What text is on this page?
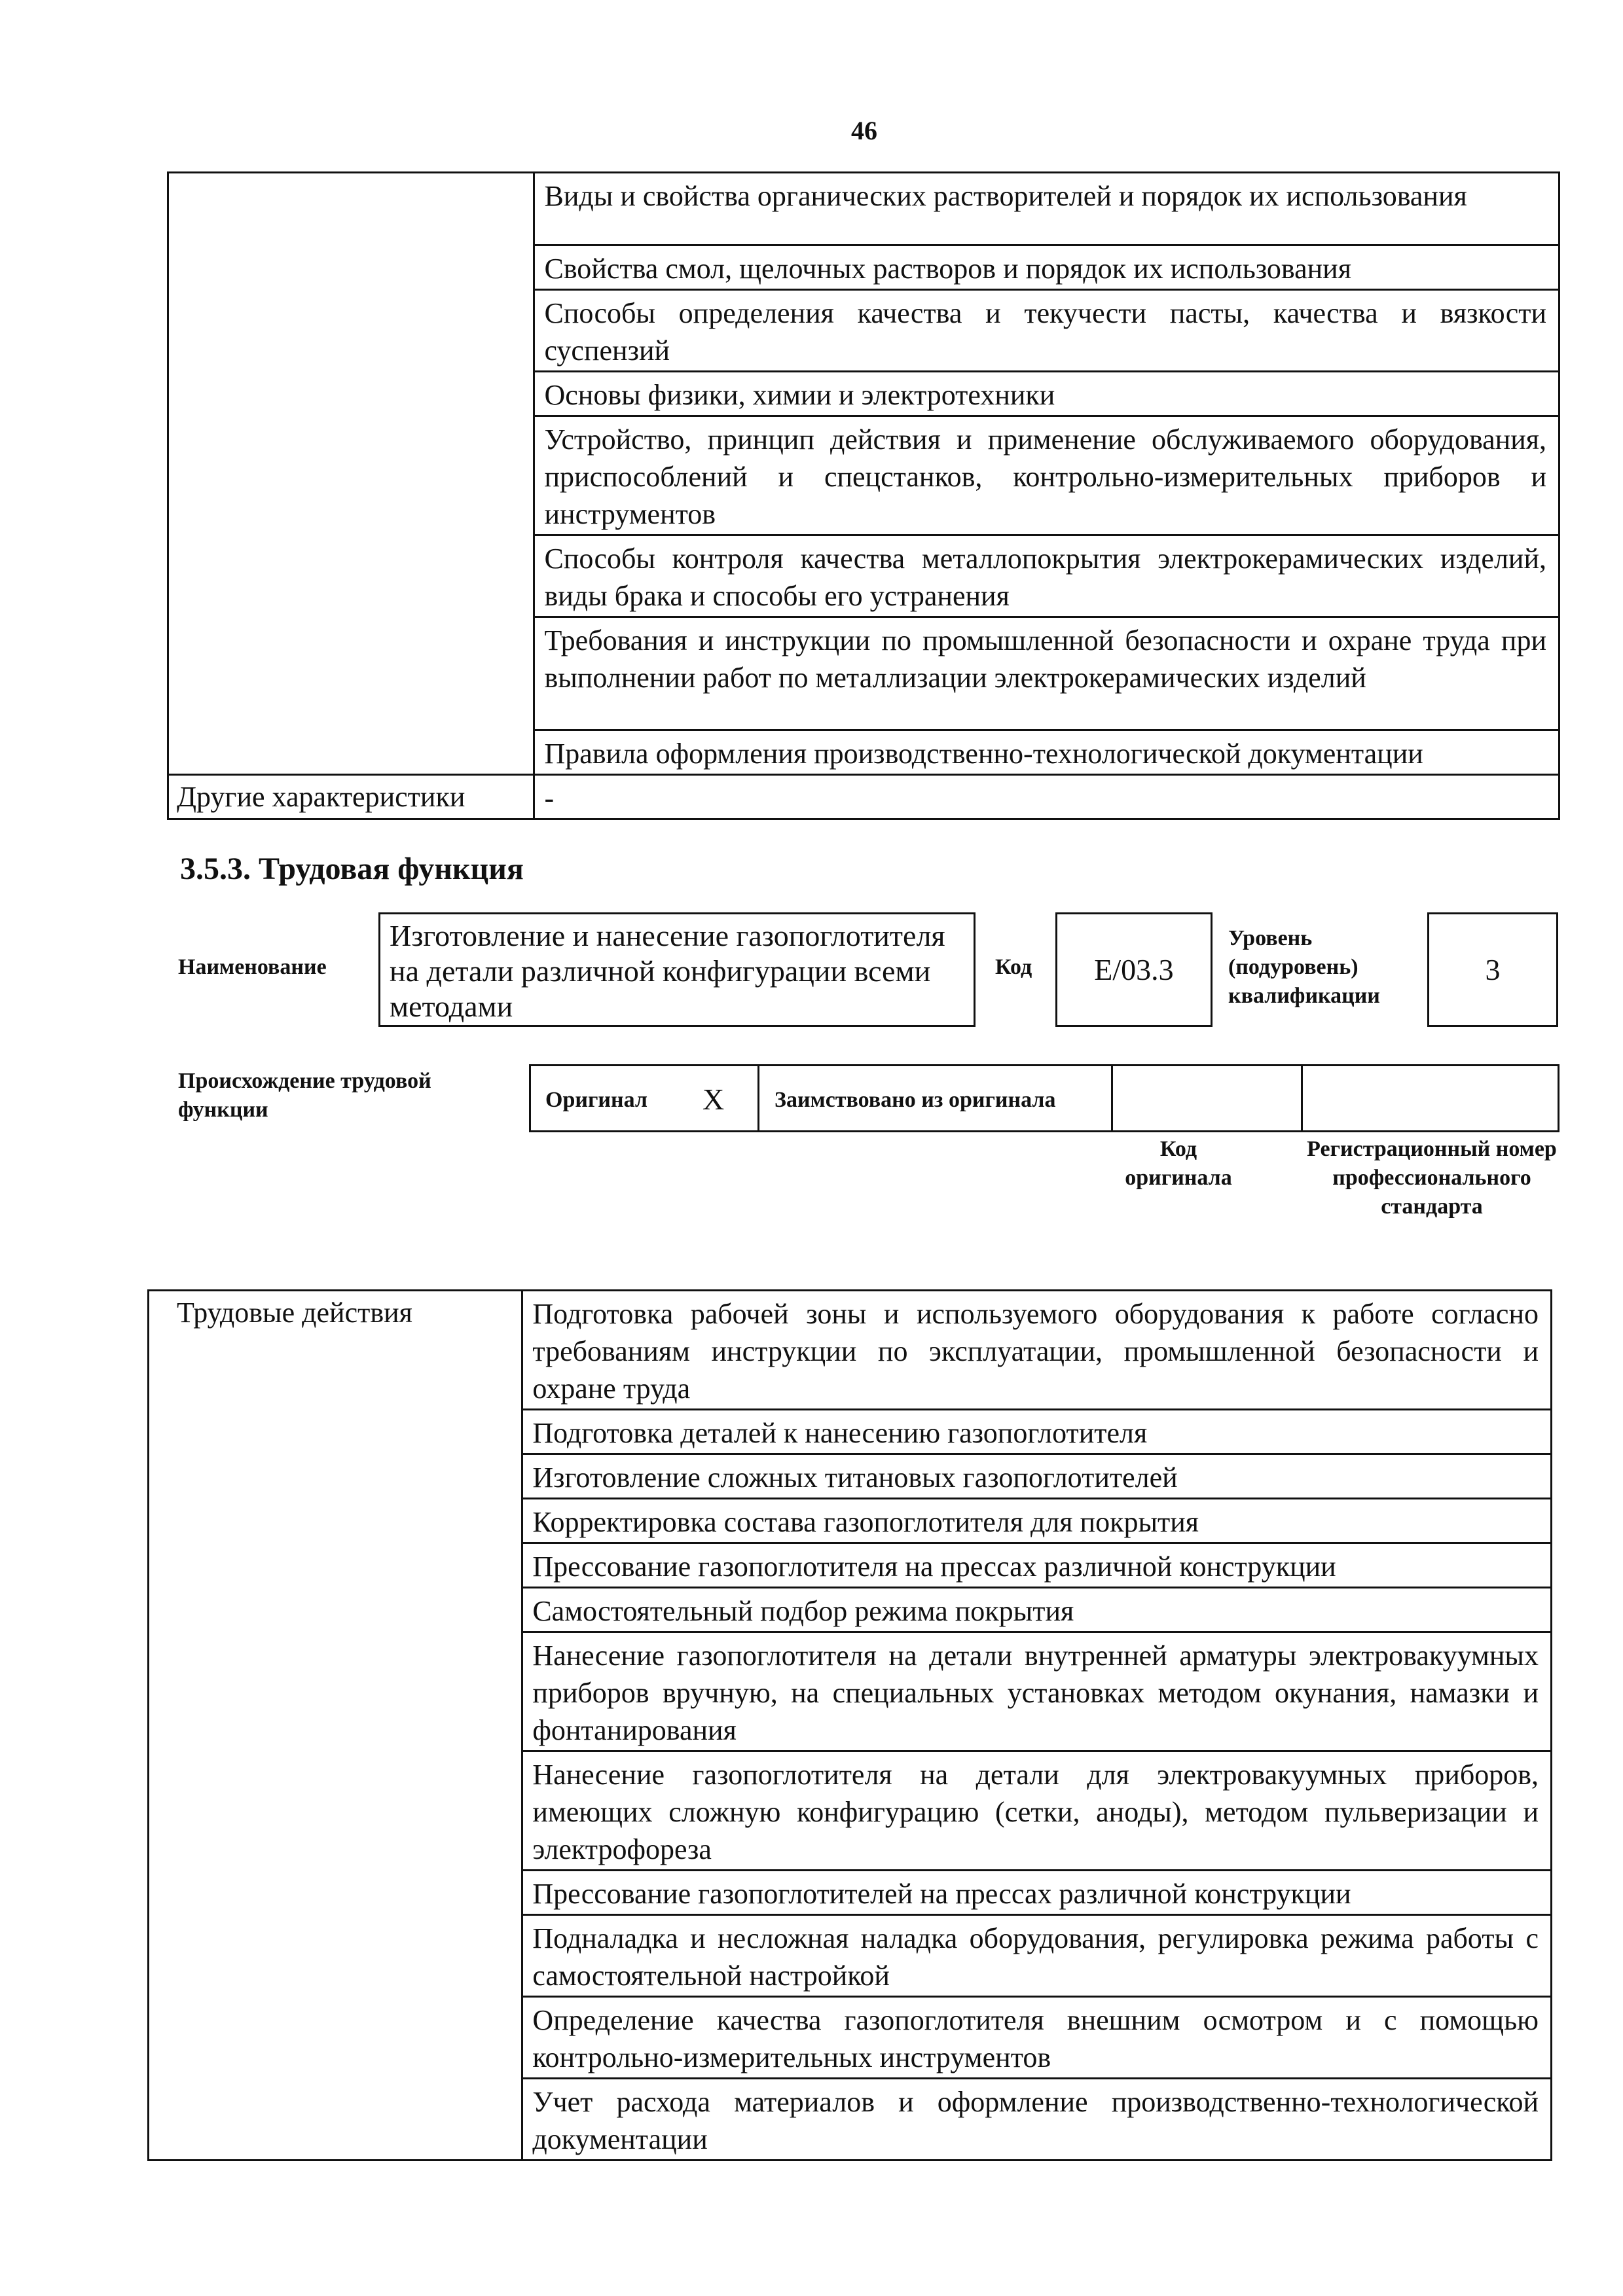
46

	Виды и свойства органических растворителей и порядок их использования

	Свойства смол, щелочных растворов и порядок их использования

	Способы определения качества и текучести пасты, качества и вязкости суспензий

	Основы физики, химии и электротехники

	Устройство, принцип действия и применение обслуживаемого оборудования, приспособлений и спецстанков, контрольно-измерительных приборов и инструментов

	Способы контроля качества металлопокрытия электрокерамических изделий, виды брака и способы его устранения

	Требования и инструкции по промышленной безопасности и охране труда при выполнении работ по металлизации электрокерамических изделий

	Правила оформления производственно-технологической документации

Другие характеристики	-
3.5.3. Трудовая функция
Наименование
Изготовление и нанесение газопоглотителя на детали различной конфигурации всеми методами
Код	E/03.3
Уровень (подуровень) квалификации
3
Происхождение трудовой функции	Оригинал X Заимствовано из оригинала
Код оригинала
Регистрационный номер профессионального стандарта
Трудовые действия	Подготовка рабочей зоны и используемого оборудования к работе согласно требованиям инструкции по эксплуатации, промышленной безопасности и охране труда

Подготовка деталей к нанесению газопоглотителя

Изготовление сложных титановых газопоглотителей

Корректировка состава газопоглотителя для покрытия

Прессование газопоглотителя на прессах различной конструкции

Самостоятельный подбор режима покрытия

Нанесение газопоглотителя на детали внутренней арматуры электровакуумных приборов вручную, на специальных установках методом окунания, намазки и фонтанирования

Нанесение газопоглотителя на детали для электровакуумных приборов, имеющих сложную конфигурацию (сетки, аноды), методом пульверизации и электрофореза

Прессование газопоглотителей на прессах различной конструкции

Подналадка и несложная наладка оборудования, регулировка режима работы с самостоятельной настройкой

Определение качества газопоглотителя внешним осмотром и с помощью контрольно-измерительных инструментов

Учет расхода материалов и оформление производственно-технологической документации
